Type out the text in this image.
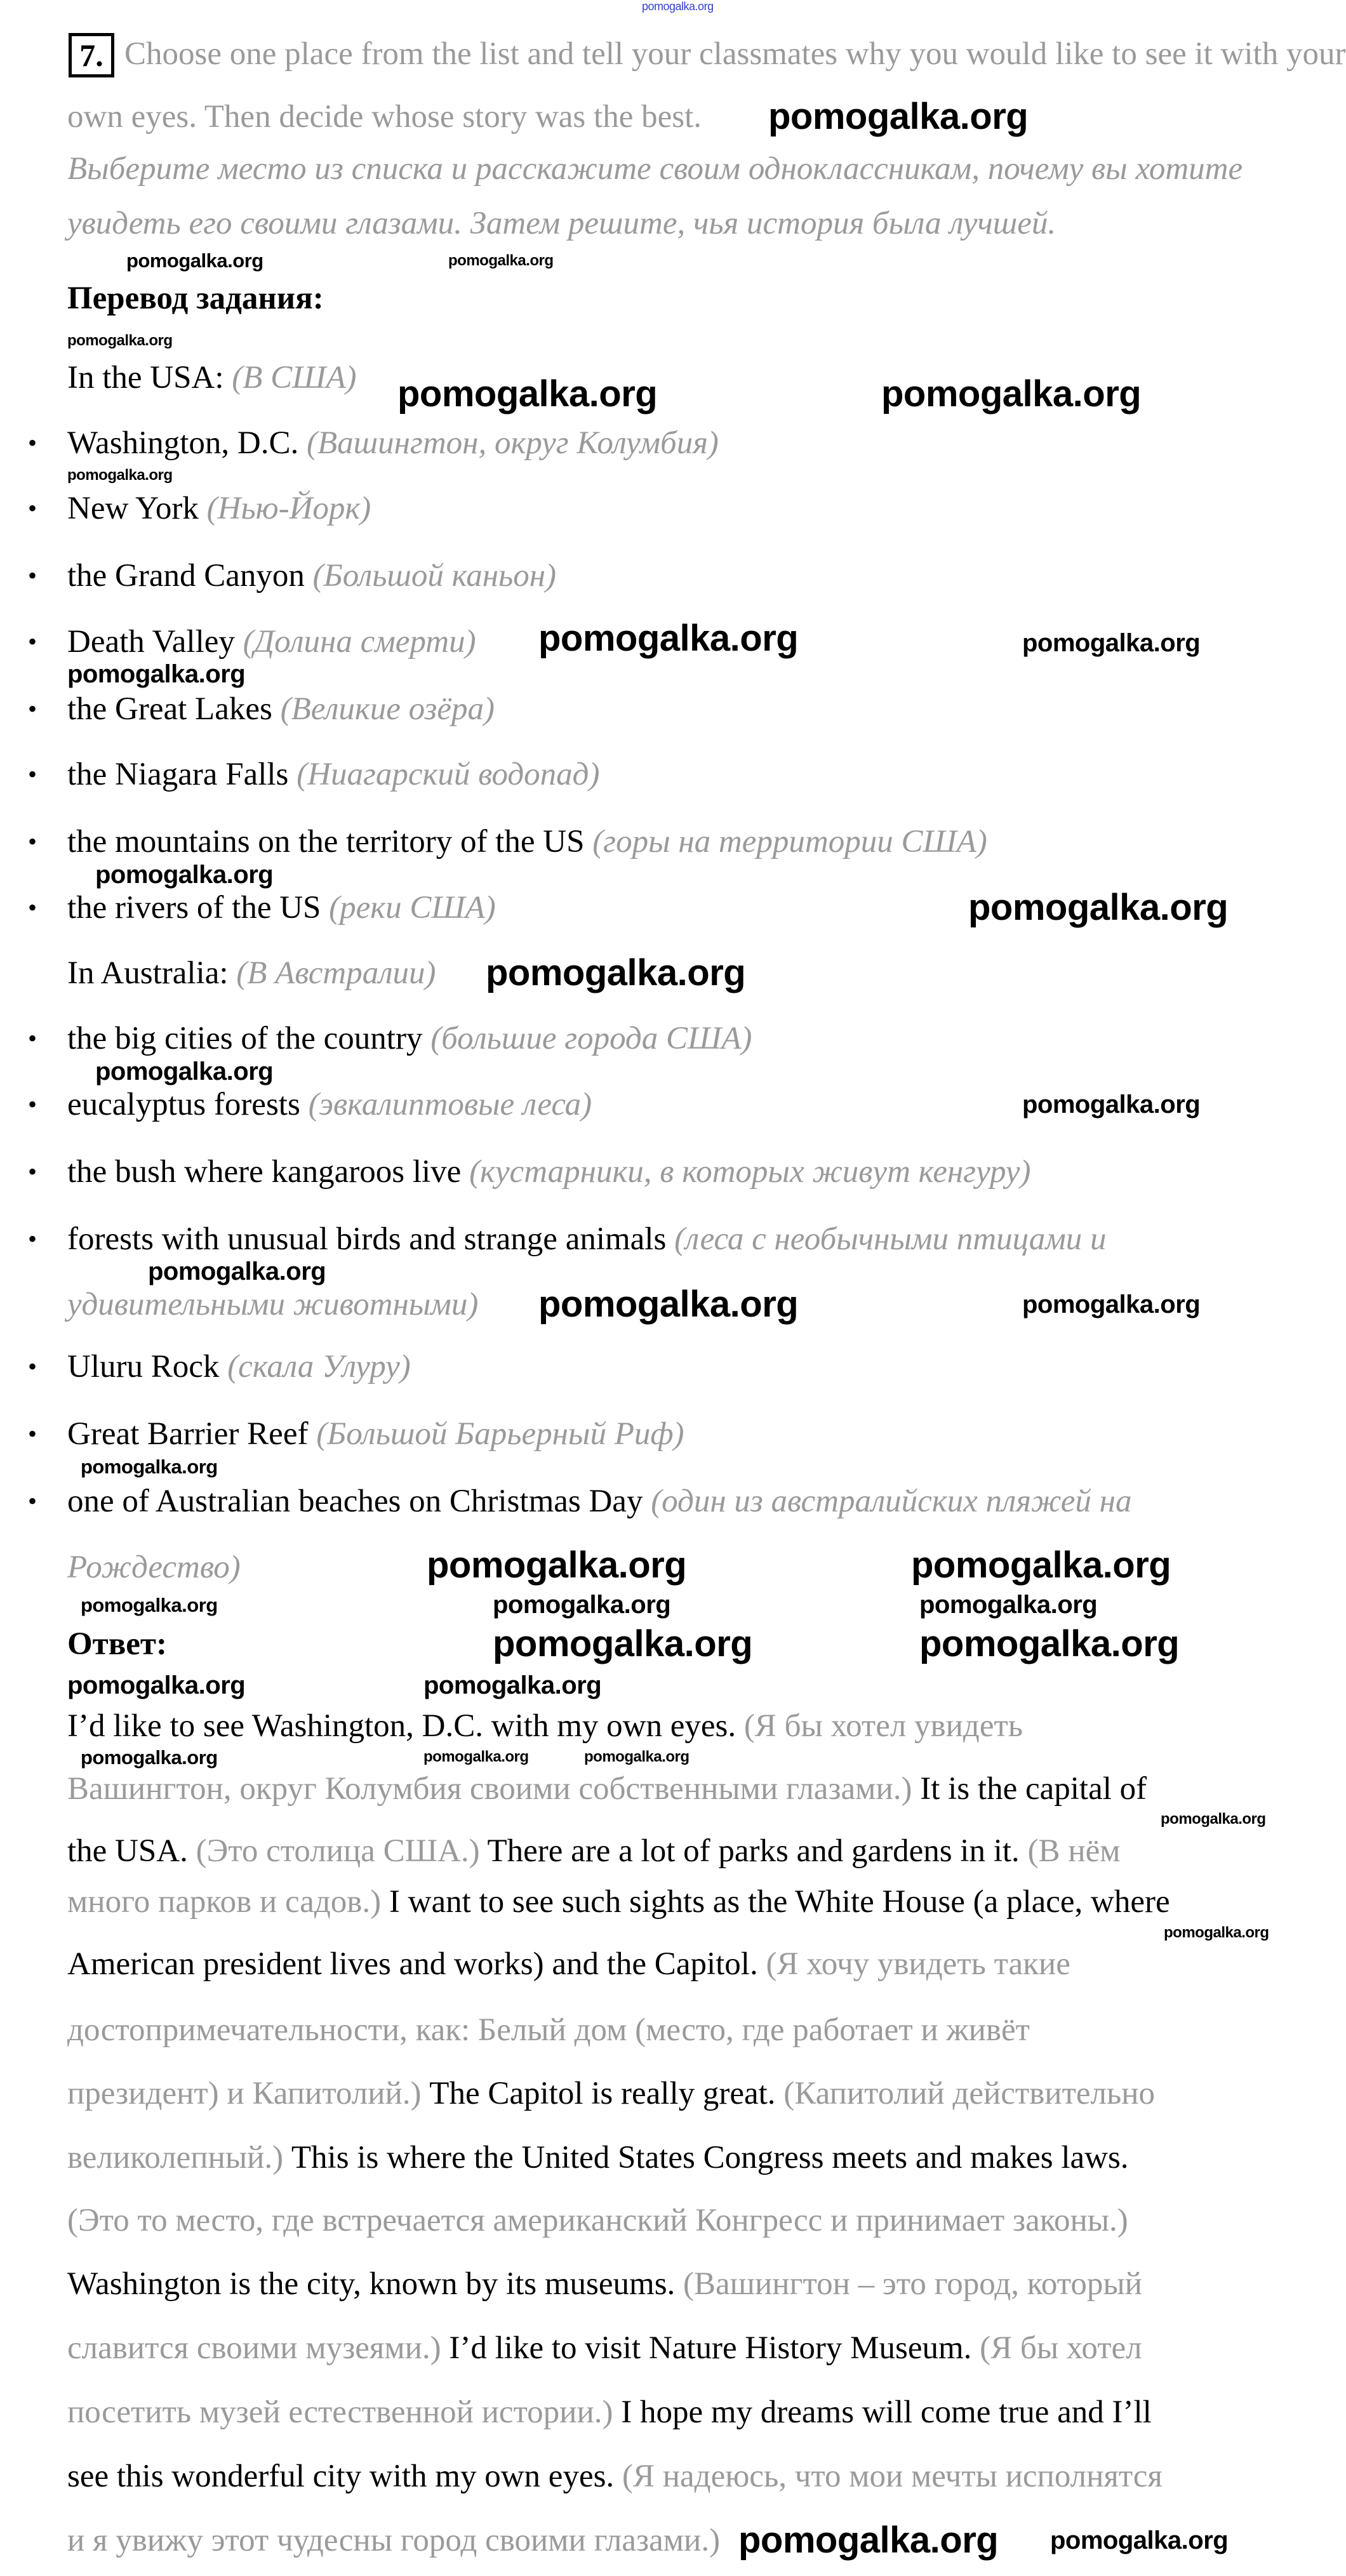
7. Choose one place from the list and tell your classmates why you would like to see it with your
own eyes. Then decide whose story was the best.
Выберите место из списка и расскажите своим одноклассникам, почему вы хотите
увидеть его своими глазами. Затем решите, чья история была лучшей.
Перевод задания:
In the USA: (В США)
• Washington, D.C. (Вашингтон, округ Колумбия)
• New York (Нью-Йорк)
• the Grand Canyon (Большой каньон)
• Death Valley (Долина смерти)
• the Great Lakes (Великие озёра)
• the Niagara Falls (Ниагарский водопад)
• the mountains on the territory of the US (горы на территории США)
• the rivers of the US (реки США)
In Australia: (В Австралии)
• the big cities of the country (большие города США)
• eucalyptus forests (эвкалиптовые леса)
• the bush where kangaroos live (кустарники, в которых живут кенгуру)
• forests with unusual birds and strange animals (леса с необычными птицами и
удивительными животными)
• Uluru Rock (скала Улуру)
• Great Barrier Reef (Большой Барьерный Риф)
• one of Australian beaches on Christmas Day (один из австралийских пляжей на
Рождество)
Ответ:
I’d like to see Washington, D.C. with my own eyes. (Я бы хотел увидеть
Вашингтон, округ Колумбия своими собственными глазами.) It is the capital of
the USA. (Это столица США.) There are a lot of parks and gardens in it. (В нём
много парков и садов.) I want to see such sights as the White House (a place, where
American president lives and works) and the Capitol. (Я хочу увидеть такие
достопримечательности, как: Белый дом (место, где работает и живёт
президент) и Капитолий.) The Capitol is really great. (Капитолий действительно
великолепный.) This is where the United States Congress meets and makes laws.
(Это то место, где встречается американский Конгресс и принимает законы.)
Washington is the city, known by its museums. (Вашингтон – это город, который
славится своими музеями.) I’d like to visit Nature History Museum. (Я бы хотел
посетить музей естественной истории.) I hope my dreams will come true and I’ll
see this wonderful city with my own eyes. (Я надеюсь, что мои мечты исполнятся
и я увижу этот чудесны город своими глазами.)
pomogalka.org
pomogalka.org
pomogalka.org	pomogalka.org
pomogalka.org
pomogalka.org	pomogalka.org
pomogalka.org
pomogalka.org	pomogalka.org
pomogalka.org
pomogalka.org
pomogalka.org
pomogalka.org
pomogalka.org
pomogalka.org
pomogalka.org
pomogalka.org	pomogalka.org
pomogalka.org
pomogalka.org	pomogalka.org
pomogalka.org	pomogalka.org	pomogalka.org
pomogalka.org	pomogalka.org
pomogalka.org	pomogalka.org
pomogalka.org	pomogalka.org	pomogalka.org
pomogalka.org
pomogalka.org
pomogalka.org pomogalka.org
